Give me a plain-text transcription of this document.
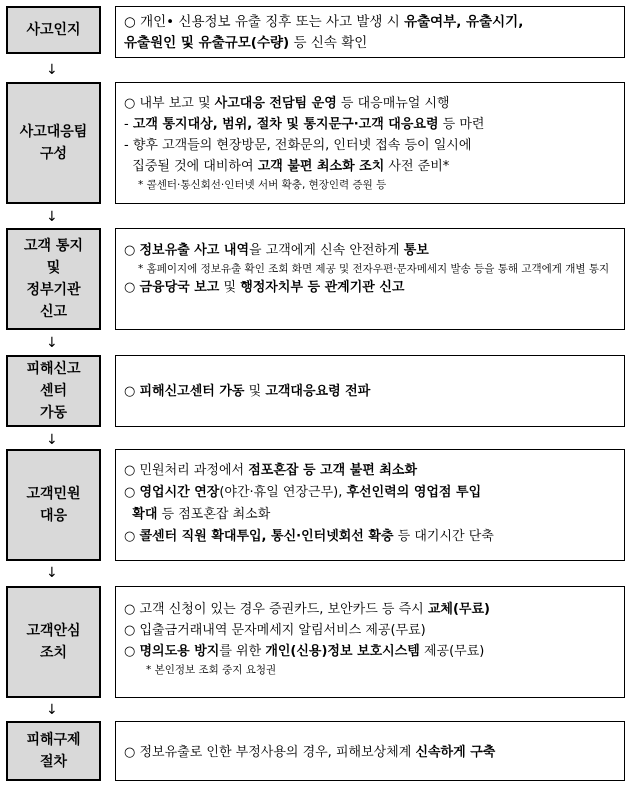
사고인지	○ 개인• 신용정보 유출 징후 또는 사고 발생 시 유출여부, 유출시기,
유출원인 및 유출규모(수량) 등 신속 확인
↓
사고대응팀
구성
○ 내부 보고 및 사고대응 전담팀 운영 등 대응매뉴얼 시행
- 고객 통지대상, 범위, 절차 및 통지문구·고객 대응요령 등 마련
- 향후 고객들의 현장방문, 전화문의, 인터넷 접속 등이 일시에
집중될 것에 대비하여 고객 불편 최소화 조치 사전 준비*
* 콜센터·통신회선·인터넷 서버 확충, 현장인력 증원 등
↓
고객 통지
및
정부기관
신고
○ 정보유출 사고 내역을 고객에게 신속 안전하게 통보
* 홈페이지에 정보유출 확인 조회 화면 제공 및 전자우편·문자메세지 발송 등을 통해 고객에게 개별 통지
○ 금융당국 보고 및 행정자치부 등 관계기관 신고
↓
피해신고
센터
가동
○ 피해신고센터 가동 및 고객대응요령 전파
↓
고객민원
대응
○ 민원처리 과정에서 점포혼잡 등 고객 불편 최소화
○ 영업시간 연장(야간·휴일 연장근무), 후선인력의 영업점 투입
확대 등 점포혼잡 최소화
○ 콜센터 직원 확대투입, 통신·인터넷회선 확충 등 대기시간 단축
↓
고객안심
조치
○ 고객 신청이 있는 경우 증권카드, 보안카드 등 즉시 교체(무료)
○ 입출금거래내역 문자메세지 알림서비스 제공(무료)
○ 명의도용 방지를 위한 개인(신용)정보 보호시스템 제공(무료)
* 본인정보 조회 중지 요청권
↓
피해구제
절차
○ 정보유출로 인한 부정사용의 경우, 피해보상체계 신속하게 구축
